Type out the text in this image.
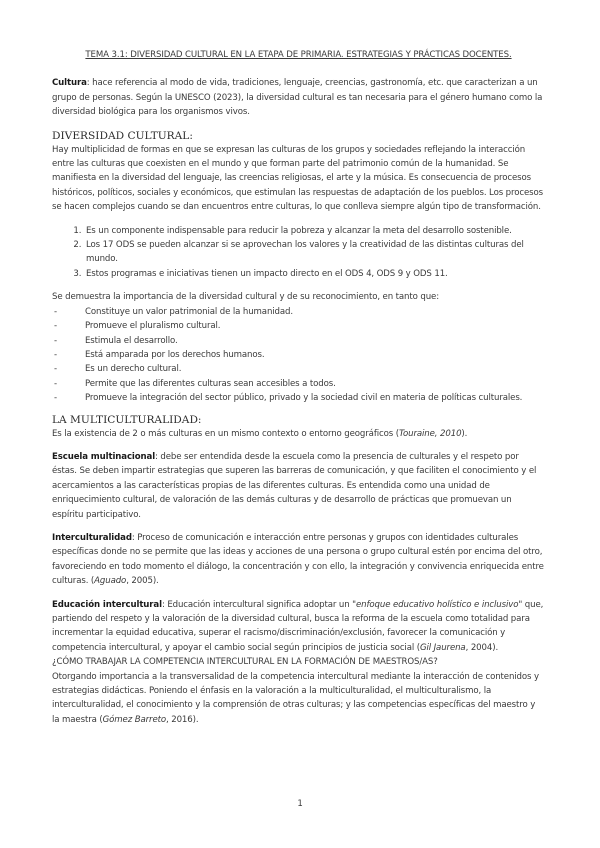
TEMA 3.1: DIVERSIDAD CULTURAL EN LA ETAPA DE PRIMARIA. ESTRATEGIAS Y PRÁCTICAS DOCENTES.

Cultura: hace referencia al modo de vida, tradiciones, lenguaje, creencias, gastronomía, etc. que caracterizan a un grupo de personas. Según la UNESCO (2023), la diversidad cultural es tan necesaria para el género humano como la diversidad biológica para los organismos vivos.

DIVERSIDAD CULTURAL:

Hay multiplicidad de formas en que se expresan las culturas de los grupos y sociedades reflejando la interacción entre las culturas que coexisten en el mundo y que forman parte del patrimonio común de la humanidad. Se manifiesta en la diversidad del lenguaje, las creencias religiosas, el arte y la música. Es consecuencia de procesos históricos, políticos, sociales y económicos, que estimulan las respuestas de adaptación de los pueblos. Los procesos se hacen complejos cuando se dan encuentros entre culturas, lo que conlleva siempre algún tipo de transformación.

1. Es un componente indispensable para reducir la pobreza y alcanzar la meta del desarrollo sostenible.
2. Los 17 ODS se pueden alcanzar si se aprovechan los valores y la creatividad de las distintas culturas del mundo.
3. Estos programas e iniciativas tienen un impacto directo en el ODS 4, ODS 9 y ODS 11.

Se demuestra la importancia de la diversidad cultural y de su reconocimiento, en tanto que:

- Constituye un valor patrimonial de la humanidad.
- Promueve el pluralismo cultural.
- Estimula el desarrollo.
- Está amparada por los derechos humanos.
- Es un derecho cultural.
- Permite que las diferentes culturas sean accesibles a todos.
- Promueve la integración del sector público, privado y la sociedad civil en materia de políticas culturales.
LA MULTICULTURALIDAD:

Es la existencia de 2 o más culturas en un mismo contexto o entorno geográficos (Touraine, 2010).

Escuela multinacional: debe ser entendida desde la escuela como la presencia de culturales y el respeto por éstas. Se deben impartir estrategias que superen las barreras de comunicación, y que faciliten el conocimiento y el acercamientos a las características propias de las diferentes culturas. Es entendida como una unidad de enriquecimiento cultural, de valoración de las demás culturas y de desarrollo de prácticas que promuevan un espíritu participativo.

Interculturalidad: Proceso de comunicación e interacción entre personas y grupos con identidades culturales específicas donde no se permite que las ideas y acciones de una persona o grupo cultural estén por encima del otro, favoreciendo en todo momento el diálogo, la concentración y con ello, la integración y convivencia enriquecida entre culturas. (Aguado, 2005).

Educación intercultural: Educación intercultural significa adoptar un "enfoque educativo holístico e inclusivo" que, partiendo del respeto y la valoración de la diversidad cultural, busca la reforma de la escuela como totalidad para incrementar la equidad educativa, superar el racismo/discriminación/exclusión, favorecer la comunicación y competencia intercultural, y apoyar el cambio social según principios de justicia social (Gil Jaurena, 2004).

¿CÓMO TRABAJAR LA COMPETENCIA INTERCULTURAL EN LA FORMACIÓN DE MAESTROS/AS?

Otorgando importancia a la transversalidad de la competencia intercultural mediante la interacción de contenidos y estrategias didácticas. Poniendo el énfasis en la valoración a la multiculturalidad, el multiculturalismo, la interculturalidad, el conocimiento y la comprensión de otras culturas; y las competencias específicas del maestro y la maestra (Gómez Barreto, 2016).

1
